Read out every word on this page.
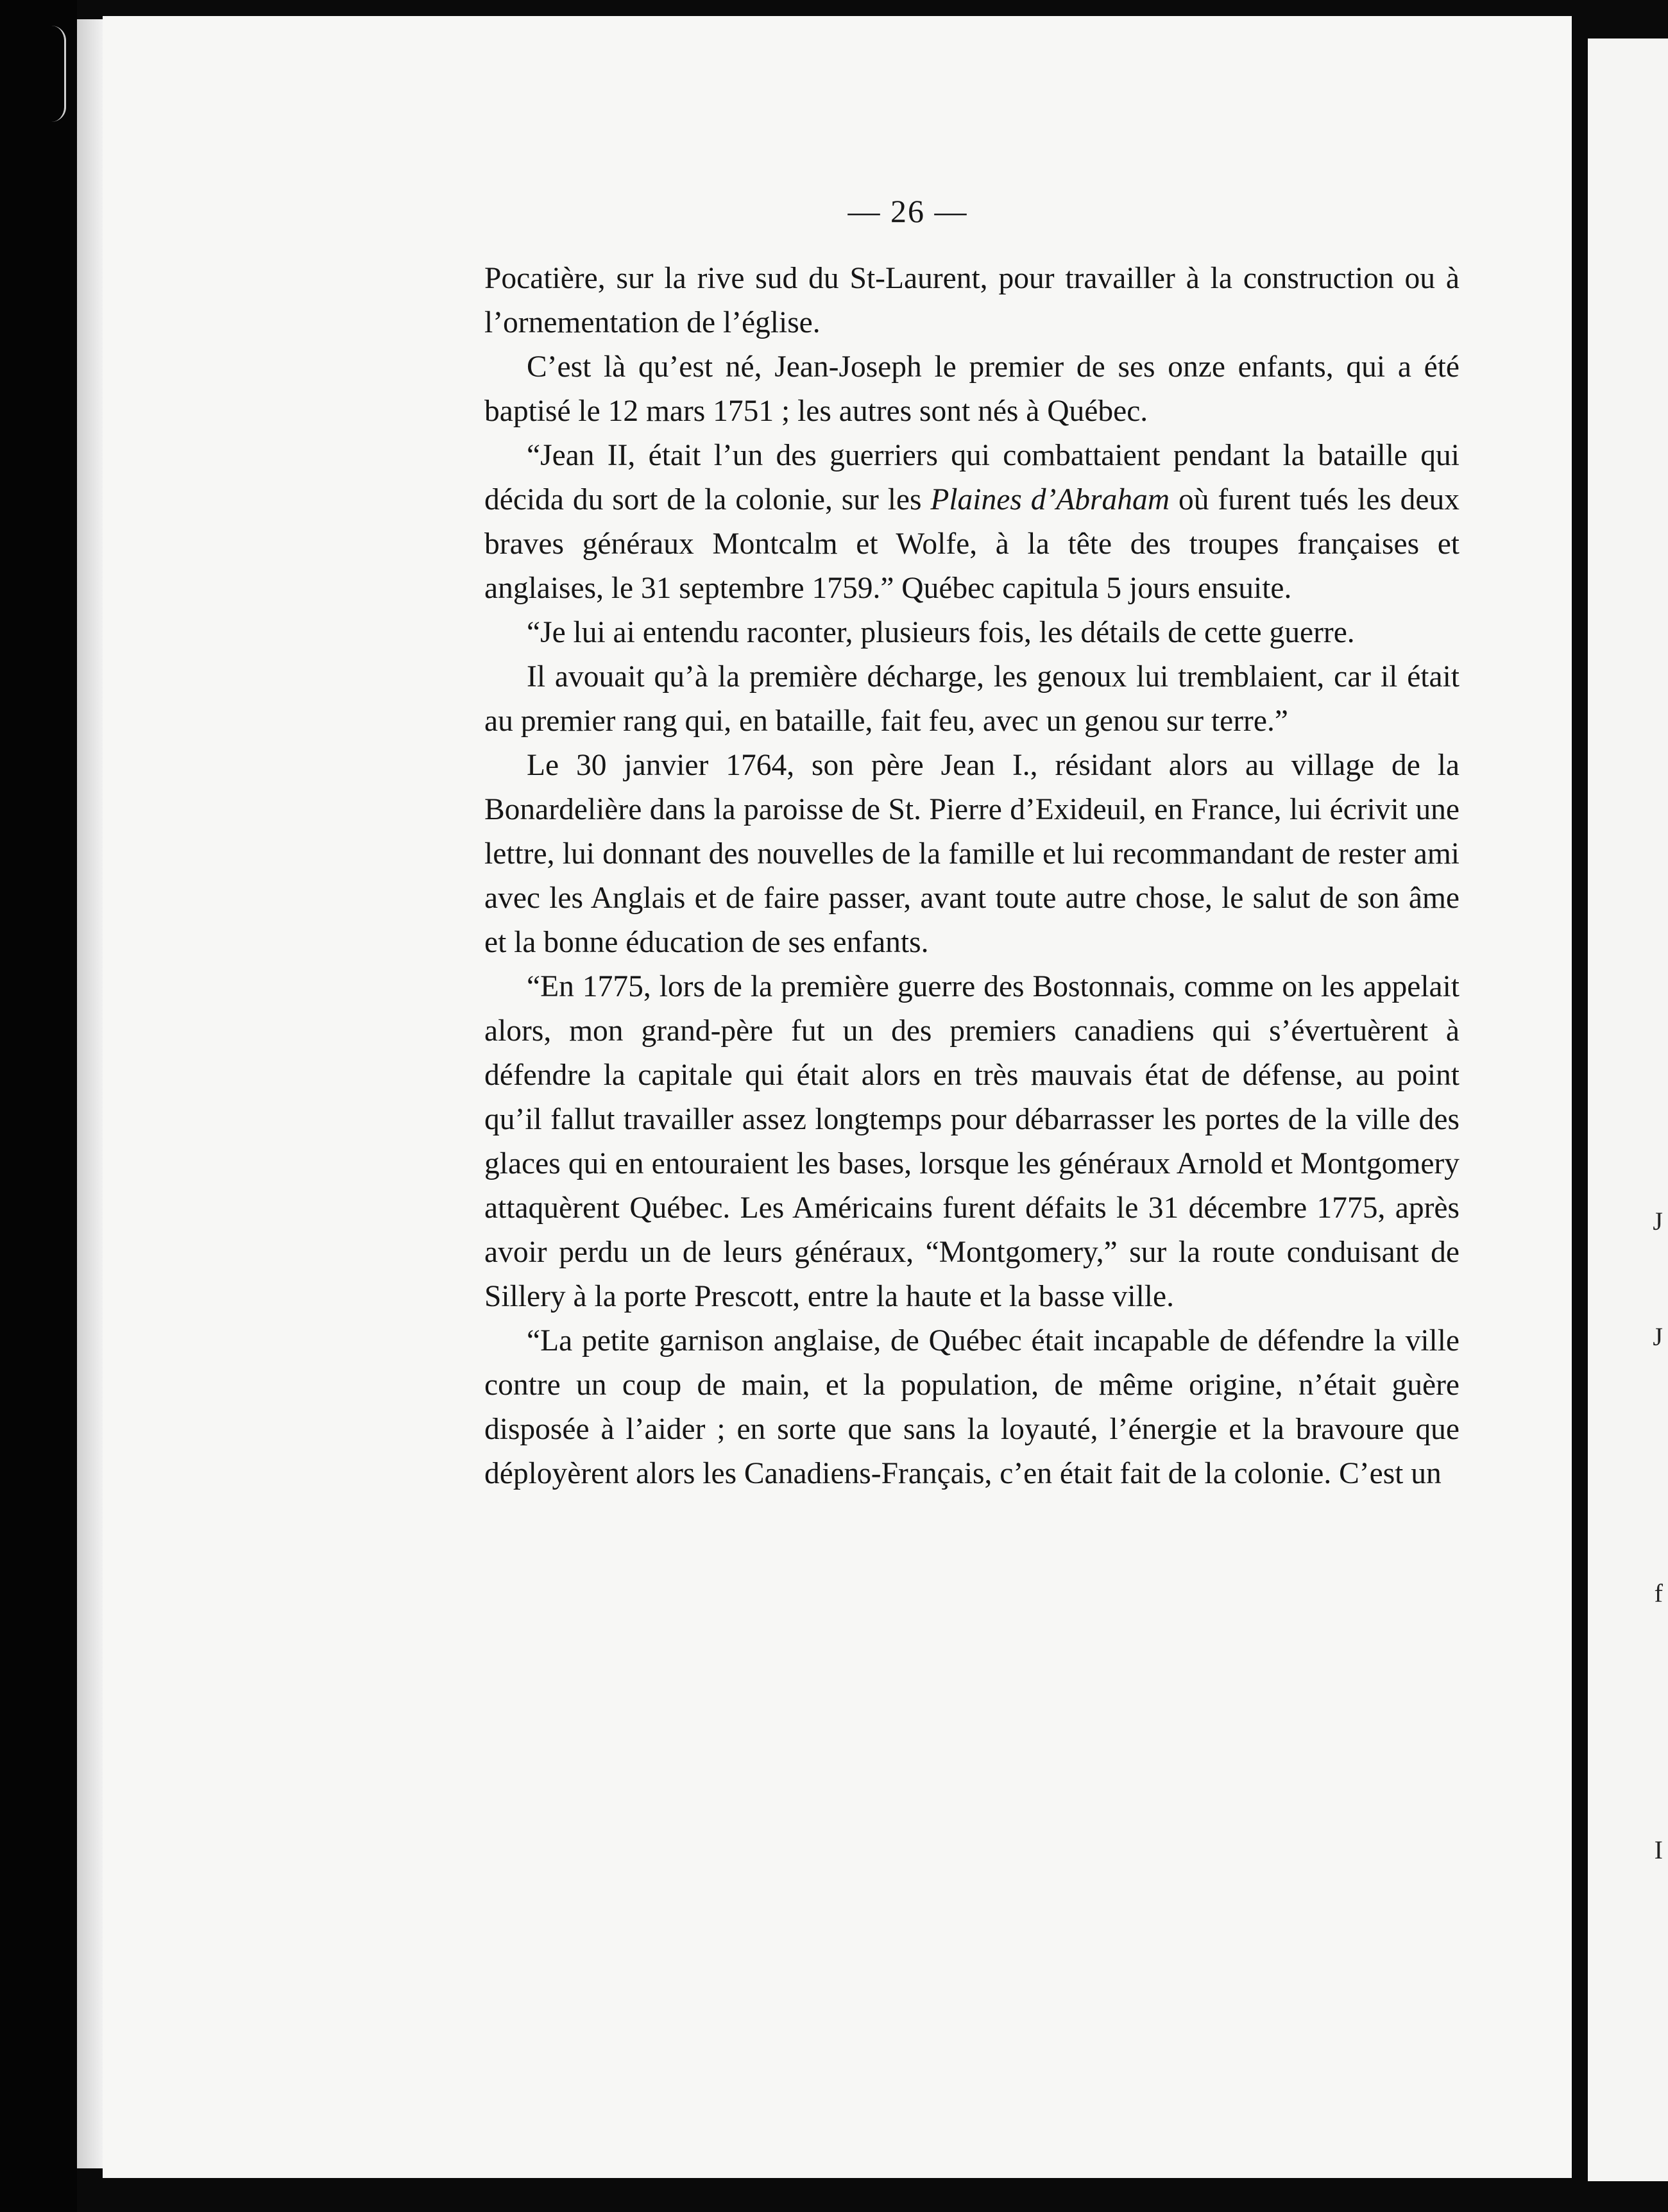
J
J
f
I
— 26 —

Pocatière, sur la rive sud du St-Laurent, pour travailler à la construction ou à l’ornementation de l’église.

C’est là qu’est né, Jean-Joseph le premier de ses onze enfants, qui a été baptisé le 12 mars 1751 ; les autres sont nés à Québec.

“Jean II, était l’un des guerriers qui combattaient pendant la bataille qui décida du sort de la colonie, sur les Plaines d’Abraham où furent tués les deux braves généraux Montcalm et Wolfe, à la tête des troupes françaises et anglaises, le 31 septembre 1759.” Québec capitula 5 jours ensuite.

“Je lui ai entendu raconter, plusieurs fois, les détails de cette guerre.

Il avouait qu’à la première décharge, les genoux lui tremblaient, car il était au premier rang qui, en bataille, fait feu, avec un genou sur terre.”

Le 30 janvier 1764, son père Jean I., résidant alors au village de la Bonardelière dans la paroisse de St. Pierre d’Exideuil, en France, lui écrivit une lettre, lui donnant des nouvelles de la famille et lui recommandant de rester ami avec les Anglais et de faire passer, avant toute autre chose, le salut de son âme et la bonne éducation de ses enfants.

“En 1775, lors de la première guerre des Bostonnais, comme on les appelait alors, mon grand-père fut un des premiers canadiens qui s’évertuèrent à défendre la capitale qui était alors en très mauvais état de défense, au point qu’il fallut travailler assez longtemps pour débarrasser les portes de la ville des glaces qui en entouraient les bases, lorsque les généraux Arnold et Montgomery attaquèrent Québec. Les Américains furent défaits le 31 décembre 1775, après avoir perdu un de leurs généraux, “Montgomery,” sur la route conduisant de Sillery à la porte Prescott, entre la haute et la basse ville.

“La petite garnison anglaise, de Québec était incapable de défendre la ville contre un coup de main, et la population, de même origine, n’était guère disposée à l’aider ; en sorte que sans la loyauté, l’énergie et la bravoure que déployèrent alors les Canadiens-Français, c’en était fait de la colonie. C’est un
